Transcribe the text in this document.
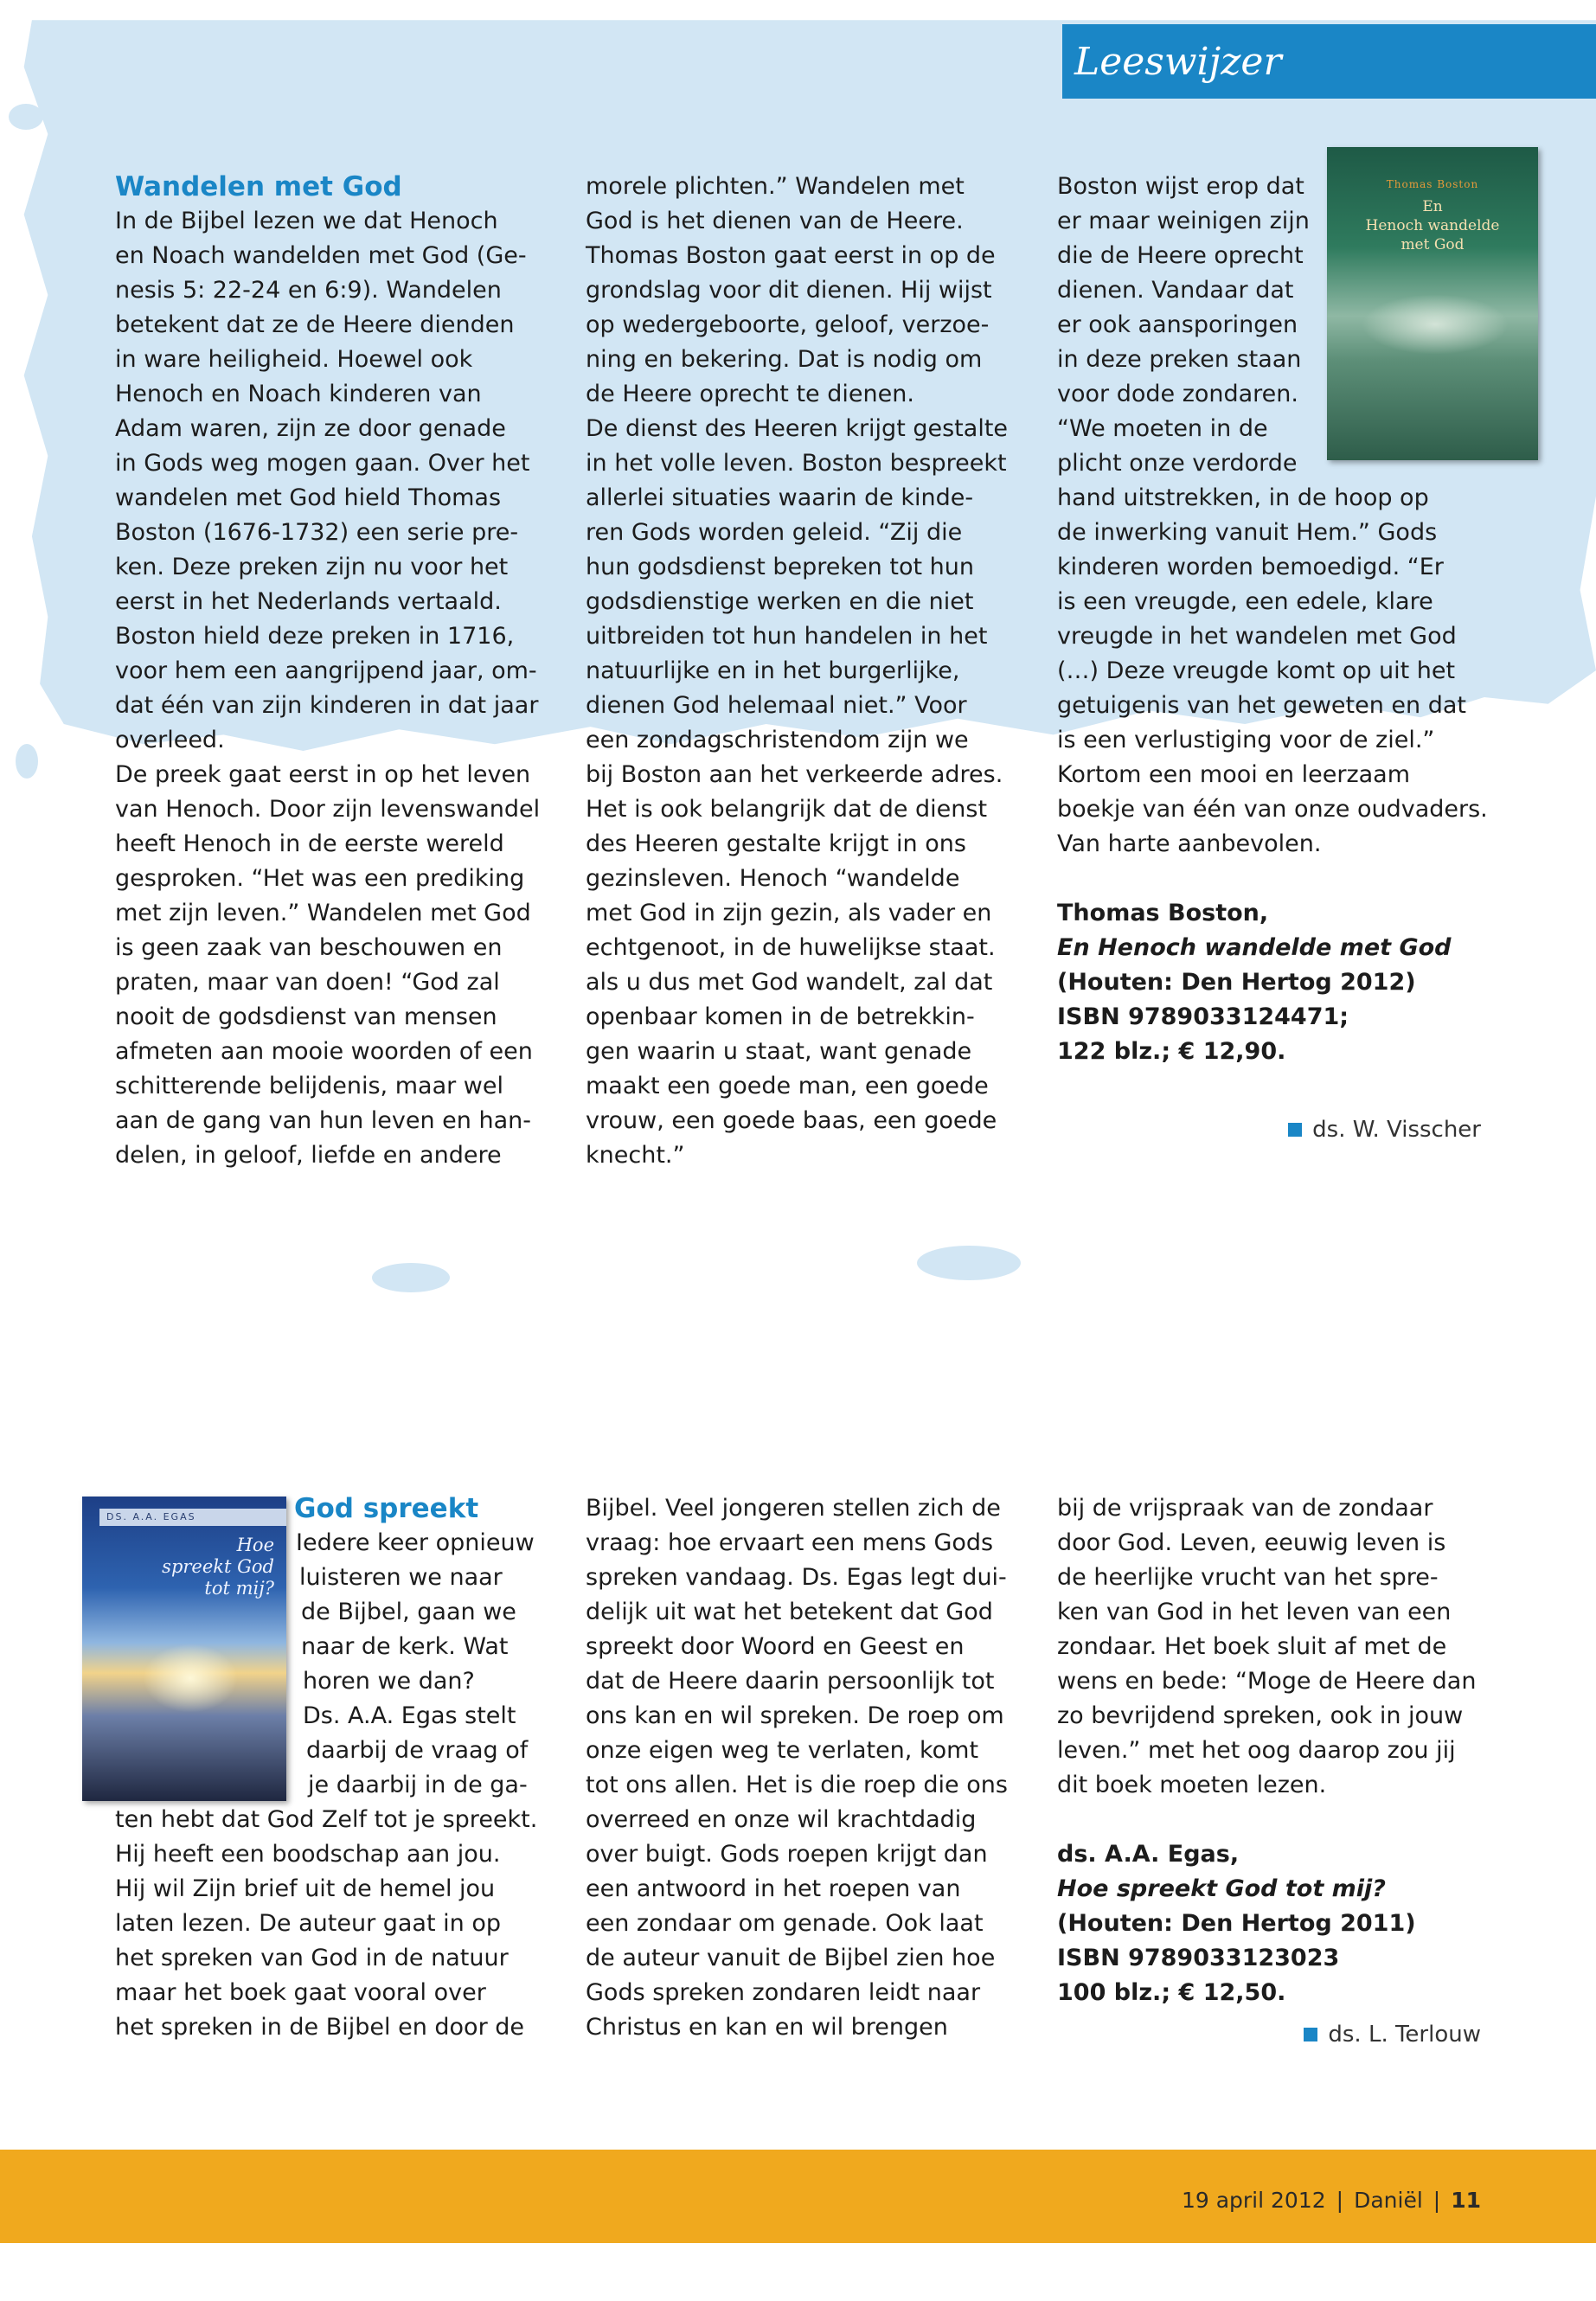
Leeswijzer

Wandelen met God

In de Bijbel lezen we dat Henoch

en Noach wandelden met God (Ge-

nesis 5: 22-24 en 6:9). Wandelen

betekent dat ze de Heere dienden

in ware heiligheid. Hoewel ook

Henoch en Noach kinderen van

Adam waren, zijn ze door genade

in Gods weg mogen gaan. Over het

wandelen met God hield Thomas

Boston (1676-1732) een serie pre-

ken. Deze preken zijn nu voor het

eerst in het Nederlands vertaald.

Boston hield deze preken in 1716,

voor hem een aangrijpend jaar, om-

dat één van zijn kinderen in dat jaar

overleed.

De preek gaat eerst in op het leven

van Henoch. Door zijn levenswandel

heeft Henoch in de eerste wereld

gesproken. “Het was een prediking

met zijn leven.” Wandelen met God

is geen zaak van beschouwen en

praten, maar van doen! “God zal

nooit de godsdienst van mensen

afmeten aan mooie woorden of een

schitterende belijdenis, maar wel

aan de gang van hun leven en han-

delen, in geloof, liefde en andere

morele plichten.” Wandelen met

God is het dienen van de Heere.

Thomas Boston gaat eerst in op de

grondslag voor dit dienen. Hij wijst

op wedergeboorte, geloof, verzoe-

ning en bekering. Dat is nodig om

de Heere oprecht te dienen.

De dienst des Heeren krijgt gestalte

in het volle leven. Boston bespreekt

allerlei situaties waarin de kinde-

ren Gods worden geleid. “Zij die

hun godsdienst bepreken tot hun

godsdienstige werken en die niet

uitbreiden tot hun handelen in het

natuurlijke en in het burgerlijke,

dienen God helemaal niet.” Voor

een zondagschristendom zijn we

bij Boston aan het verkeerde adres.

Het is ook belangrijk dat de dienst

des Heeren gestalte krijgt in ons

gezinsleven. Henoch “wandelde

met God in zijn gezin, als vader en

echtgenoot, in de huwelijkse staat.

als u dus met God wandelt, zal dat

openbaar komen in de betrekkin-

gen waarin u staat, want genade

maakt een goede man, een goede

vrouw, een goede baas, een goede

knecht.”

Boston wijst erop dat

er maar weinigen zijn

die de Heere oprecht

dienen. Vandaar dat

er ook aansporingen

in deze preken staan

voor dode zondaren.

“We moeten in de

plicht onze verdorde

hand uitstrekken, in de hoop op

de inwerking vanuit Hem.” Gods

kinderen worden bemoedigd. “Er

is een vreugde, een edele, klare

vreugde in het wandelen met God

(…) Deze vreugde komt op uit het

getuigenis van het geweten en dat

is een verlustiging voor de ziel.”

Kortom een mooi en leerzaam

boekje van één van onze oudvaders.

Van harte aanbevolen.

Thomas Boston,

En Henoch wandelde met God

(Houten: Den Hertog 2012)

ISBN 9789033124471;

122 blz.; € 12,90.

ds. W. Visscher
Thomas Boston
En
Henoch wandelde
met God
DS. A.A. EGAS
Hoe
spreekt God
tot mij?

God spreekt

Iedere keer opnieuw

luisteren we naar

de Bijbel, gaan we

naar de kerk. Wat

horen we dan?

Ds. A.A. Egas stelt

daarbij de vraag of

je daarbij in de ga-

ten hebt dat God Zelf tot je spreekt.

Hij heeft een boodschap aan jou.

Hij wil Zijn brief uit de hemel jou

laten lezen. De auteur gaat in op

het spreken van God in de natuur

maar het boek gaat vooral over

het spreken in de Bijbel en door de

Bijbel. Veel jongeren stellen zich de

vraag: hoe ervaart een mens Gods

spreken vandaag. Ds. Egas legt dui-

delijk uit wat het betekent dat God

spreekt door Woord en Geest en

dat de Heere daarin persoonlijk tot

ons kan en wil spreken. De roep om

onze eigen weg te verlaten, komt

tot ons allen. Het is die roep die ons

overreed en onze wil krachtdadig

over buigt. Gods roepen krijgt dan

een antwoord in het roepen van

een zondaar om genade. Ook laat

de auteur vanuit de Bijbel zien hoe

Gods spreken zondaren leidt naar

Christus en kan en wil brengen

bij de vrijspraak van de zondaar

door God. Leven, eeuwig leven is

de heerlijke vrucht van het spre-

ken van God in het leven van een

zondaar. Het boek sluit af met de

wens en bede: “Moge de Heere dan

zo bevrijdend spreken, ook in jouw

leven.” met het oog daarop zou jij

dit boek moeten lezen.

ds. A.A. Egas,

Hoe spreekt God tot mij?

(Houten: Den Hertog 2011)

ISBN 9789033123023

100 blz.; € 12,50.

ds. L. Terlouw
19 april 2012 | Daniël | 11
